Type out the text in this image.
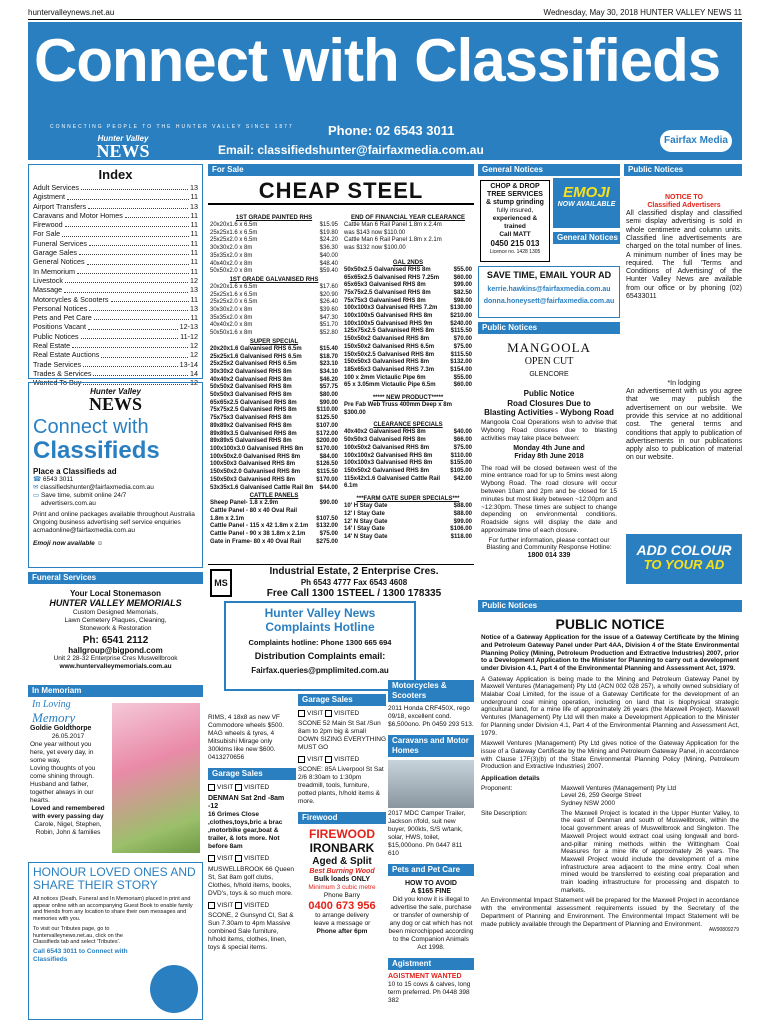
huntervalleynews.net.au	Wednesday, May 30, 2018 HUNTER VALLEY NEWS 11
Connect with Classifieds
CONNECTING PEOPLE TO THE HUNTER VALLEY SINCE 1877
Hunter Valley
NEWS
Phone: 02 6543 3011
Email: classifiedshunter@fairfaxmedia.com.au
Fairfax Media
Index
Adult Services	13
Agistment	11
Airport Transfers	13
Caravans and Motor Homes	11
Firewood	11
For Sale	11
Funeral Services	11
Garage Sales	11
General Notices	11
In Memorium	11
Livestock	12
Massage	13
Motorcycles & Scooters	11
Personal Notices	13
Pets and Pet Care	11
Positions Vacant	12-13
Public Notices	11-12
Real Estate	12
Real Estate Auctions	12
Trade Services	13-14
Trades & Services	14
Wanted To Buy	12
Hunter Valley
NEWS
Connect with
Classifieds
Place a Classifieds ad
☎ 6543 3011
✉ classifiedshunter@fairfaxmedia.com.au
▭ Save time, submit online 24/7
advertisers.com.au
Print and online packages available throughout Australia
Ongoing business advertising self service enquiries acmadonline@fairfaxmedia.com.au
Emoji now available ☺
Funeral Services
Your Local Stonemason
HUNTER VALLEY MEMORIALS
Custom Designed Memorials,
Lawn Cemetery Plaques, Cleaning,
Stonework & Restoration
Ph: 6541 2112
hallgroup@bigpond.com
Unit 2 28-32 Enterprise Cres Muswellbrook
www.huntervalleymemorials.com.au
In Memoriam
In Loving
Memory
Goldie Goldthorpe
26.05.2017
One year without you here, yet every day, in some way,
Loving thoughts of you come shining through.
Husband and father, together always in our hearts.
Loved and remembered with every passing day
Carole, Nigel, Stephen, Robin, John & families
HONOUR LOVED ONES AND SHARE THEIR STORY
All notices (Death, Funeral and In Memoriam) placed in print and appear online with an accompanying Guest Book to enable family and friends from any location to share their own messages and memories with you.
To visit our Tributes page, go to huntervalleynews.net.au, click on the Classifieds tab and select 'Tributes'.
Call 6543 3011 to Connect with Classifieds
For Sale
CHEAP STEEL
1ST GRADE PAINTED RHS
20x20x1.6 x 6.5m	$15.95
25x25x1.6 x 6.5m	$19.80
25x25x2.0 x 6.5m	$24.20
30x30x2.0 x 8m	$36.30
35x35x2.0 x 8m	$40.00
40x40x2.0 x 8m	$48.40
50x50x2.0 x 8m	$59.40
1ST GRADE GALVANISED RHS
20x20x1.6 x 6.5m	$17.60
25x25x1.6 x 6.5m	$20.90
25x25x2.0 x 6.5m	$26.40
30x30x2.0 x 8m	$39.60
35x35x2.0 x 8m	$47.30
40x40x2.0 x 8m	$51.70
50x50x1.6 x 8m	$52.80
SUPER SPECIAL
20x20x1.6 Galvanised RHS 6.5m	$15.40
25x25x1.6 Galvanised RHS 6.5m	$18.70
25x25x2 Galvanised RHS 6.5m	$23.10
30x30x2 Galvanised RHS 8m	$34.10
40x40x2 Galvanised RHS 8m	$46.20
50x50x2 Galvanised RHS 8m	$57.75
50x50x3 Galvanised RHS 8m	$80.00
65x65x2.5 Galvanised RHS 8m	$90.00
75x75x2.5 Galvanised RHS 8m	$110.00
75x75x3 Galvanised RHS 8m	$125.50
89x89x2 Galvanised RHS 8m	$107.00
89x89x3.5 Galvanised RHS 8m	$172.00
89x89x5 Galvanised RHS 8m	$200.00
100x100x3.0 Galvanised RHS 8m $170.00
100x50x2.0 Galvanised RHS 8m	$84.00
100x50x3 Galvanised RHS 8m	$126.50
150x50x2.0 Galvanised RHS 8m	$115.50
150x50x3 Galvanised RHS 8m	$170.00
53x35x1.6 Galvanised Cattle Rail 8m $44.00
CATTLE PANELS
Sheep Panel- 1.8 x 2.9m	$90.00
Cattle Panel - 80 x 40 Oval Rail
1.8m x 2.1m	$107.50
Cattle Panel - 115 x 42 1.8m x 2.1m $132.00
Cattle Panel - 90 x 38 1.8m x 2.1m $75.00
Gate in Frame- 80 x 40 Oval Rail	$275.00
END OF FINANCIAL YEAR CLEARANCE
Cattle Man 6 Rail Panel 1.8m x 2.4m
was $143 now $110.00
Cattle Man 6 Rail Panel 1.8m x 2.1m
was $132 now $100.00
GAL 2NDS
50x50x2.5 Galvanised RHS 8m	$55.00
65x65x2.5 Galvanised RHS 7.25m $60.00
65x65x3 Galvanised RHS 8m	$99.00
75x75x2.5 Galvanised RHS 8m	$82.50
75x75x3 Galvanised RHS 8m	$98.00
100x100x3 Galvanised RHS 7.2m $130.00
100x100x5 Galvanised RHS 8m	$210.00
100x100x5 Galvanised RHS 9m	$240.00
125x75x2.5 Galvanised RHS 8m	$115.50
150x50x2 Galvanised RHS 8m	$70.00
150x50x2 Galvanised RHS 6.5m	$75.00
150x50x2.5 Galvanised RHS 8m	$115.50
150x50x3 Galvanised RHS 8m	$132.00
185x65x3 Galvanised RHS 7.3m	$154.00
100 x 2mm Victaulic Pipe 6m	$55.00
65 x 3.05mm Victaulic Pipe 6.5m	$60.00
***** NEW PRODUCT*****
Pre Fab Web Truss 400mm Deep x 8m $300.00
CLEARANCE SPECIALS
40x40x2 Galvanised RHS 8m	$40.00
50x50x3 Galvanised RHS 8m	$66.00
100x50x2 Galvanised RHS 8m	$75.00
100x100x2 Galvanised RHS 8m	$110.00
100x100x3 Galvanised RHS 8m	$155.00
150x50x2 Galvanised RHS 8m	$105.00
115x42x1.6 Galvanised Cattle Rail 6.1m
$42.00
***FARM GATE SUPER SPECIALS***
10' H Stay Gate	$88.00
12' I Stay Gate	$88.00
12' N Stay Gate	$99.00
14' I Stay Gate	$106.00
14' N Stay Gate	$118.00
MS
Industrial Estate, 2 Enterprise Cres.
Ph 6543 4777 Fax 6543 4608
Free Call 1300 1STEEL / 1300 178335
Hunter Valley News
Complaints Hotline
Complaints hotline: Phone 1300 665 694
Distribution Complaints email:
Fairfax.queries@pmplimited.com.au
RIMS, 4 18x8 as new VF Commodore wheels $500. MAG wheels & tyres, 4 Mitsubishi Mirage only 300klms like new $600. 0413270656
Garage Sales
VISIT VISITED
DENMAN Sat 2nd -8am -12
16 Grimes Close ,clothes,toys,bric a brac ,motorbike gear,boat & trailer, & lots more. Not before 8am
VISIT VISITED
MUSWELLBROOK 66 Queen St, Sat 8am golf clubs, Clothes, h/hold items, books, DVD's, toys & so much more.
VISIT VISITED
SCONE, 2 Gunsynd Cl, Sat & Sun 7.30am to 4pm Massive combined Sale furniture, h/hold items, clothes, linen, toys & special items.
Garage Sales
VISIT VISITED
SCONE 52 Main St Sat /Sun 8am to 2pm big & small DOWN SIZING EVERYTHING MUST GO
VISIT VISITED
SCONE: 85A Liverpool St Sat 2/6 8:30am to 1:30pm treadmill, tools, furniture, potted plants, h/hold items & more.
Firewood
FIREWOOD
IRONBARK
Aged & Split
Best Burning Wood
Bulk loads ONLY
Minimum 3 cubic metre
Phone Barry
0400 673 956
to arrange delivery
leave a message or
Phone after 6pm
Motorcycles & Scooters
2011 Honda CRF450X, rego 09/18, excellent cond. $6,500ono. Ph 0459 293 513.
Caravans and Motor Homes
2017 MDC Camper Trailer, Jackson r/fold, suit new buyer, 900kls, S/S w/tank, solar, HWS, toilet, $15,000ono. Ph 0447 811 610
Pets and Pet Care
HOW TO AVOID
A $165 FINE
Did you know it is illegal to advertise the sale, purchase or transfer of ownership of any dog or cat which has not been microchipped according to the Companion Animals Act 1998.
Agistment
AGISTMENT WANTED
10 to 15 cows & calves, long term preferred. Ph 0448 398 382
General Notices
CHOP & DROP TREE SERVICES
& stump grinding
fully insured,
experienced & trained
Call MATT
0450 215 013
Licence no. 1428 1305
EMOJI
NOW AVAILABLE
General Notices
SAVE TIME, EMAIL YOUR AD
kerrie.hawkins@fairfaxmedia.com.au
donna.honeysett@fairfaxmedia.com.au
Public Notices
MANGOOLA
OPEN CUT
GLENCORE
Public Notice
Road Closures Due to
Blasting Activities - Wybong Road
Mangoola Coal Operations wish to advise that Wybong Road closures due to blasting activities may take place between:
Monday 4th June and
Friday 8th June 2018
The road will be closed between west of the mine entrance road for up to 5mins west along Wybong Road. The road closure will occur between 10am and 2pm and be closed for 15 minutes but most likely between ~12:00pm and ~12:30pm. These times are subject to change depending on environmental conditions. Roadside signs will display the date and approximate time of each closure.
For further information, please contact our Blasting and Community Response Hotline:
1800 014 339
Public Notices
NOTICE TO
Classified Advertisers
All classified display and classified semi display advertising is sold in whole centimetre and column units. Classified line advertisements are charged on the total number of lines. A minimum number of lines may be required. The full 'Terms and Conditions of Advertising' of the Hunter Valley News are available from our office or by phoning (02) 65433011
*In lodging
An advertisement with us you agree that we may publish the advertisement on our website. We provide this service at no additional cost. The general terms and conditions that apply to publication of advertisements in our publications apply also to publication of material on our website.
ADD COLOUR
TO YOUR AD
Public Notices
PUBLIC NOTICE
Notice of a Gateway Application for the issue of a Gateway Certificate by the Mining and Petroleum Gateway Panel under Part 4AA, Division 4 of the State Environmental Planning Policy (Mining, Petroleum Production and Extractive Industries) 2007, prior to a Development Application to the Minister for Planning to carry out a development under Division 4.1, Part 4 of the Environmental Planning and Assessment Act, 1979.
A Gateway Application is being made to the Mining and Petroleum Gateway Panel by Maxwell Ventures (Management) Pty Ltd (ACN 002 028 257), a wholly owned subsidiary of Malabar Coal Limited, for the issue of a Gateway Certificate for the development of an underground coal mining operation, including on land that is biophysical strategic agricultural land, for a mine life of approximately 26 years (the Maxwell Project). Maxwell Ventures (Management) Pty Ltd will then make a Development Application to the Minister for Planning under Division 4.1, Part 4 of the Environmental Planning and Assessment Act, 1979.
Maxwell Ventures (Management) Pty Ltd gives notice of the Gateway Application for the issue of a Gateway Certificate by the Mining and Petroleum Gateway Panel, in accordance with Clause 17F(3)(b) of the State Environmental Planning Policy (Mining, Petroleum Production and Extractive Industries) 2007.
Application details
Proponent:	Maxwell Ventures (Management) Pty Ltd
Level 26, 259 George Street
Sydney NSW 2000
Site Description:	The Maxwell Project is located in the Upper Hunter Valley, to the east of Denman and south of Muswellbrook, within the local government areas of Muswellbrook and Singleton. The Maxwell Project would extract coal using longwall and bord-and-pillar mining methods within the Wittingham Coal Measures for a mine life of approximately 26 years. The Maxwell Project would include the development of a mine infrastructure area adjacent to the mine entry. Coal when mined would be transferred to existing coal preparation and train loading infrastructure for processing and dispatch to markets.
An Environmental Impact Statement will be prepared for the Maxwell Project in accordance with the environmental assessment requirements issued by the Secretary of the Department of Planning and Environment. The Environmental Impact Statement will be made publicly available through the Department of Planning and Environment.
AW90809279
